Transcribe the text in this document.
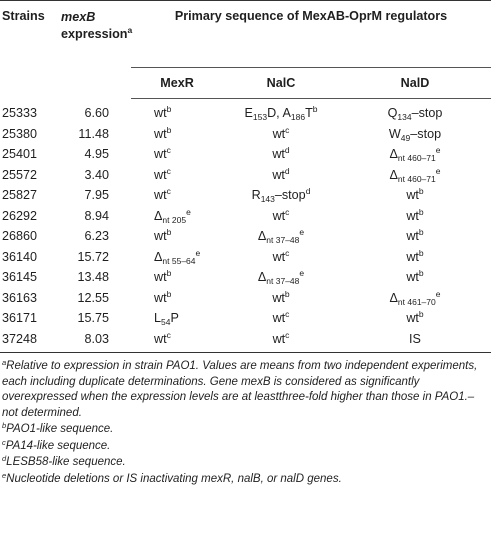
Strains	mexB
expression$^a$	Primary sequence of MexAB-OprM regulators		
		MexR	NalC	NalD
25333	6.60	$wt^b$	$E_{153}D$, $A_{186}T^b$	$Q_{134}$–stop
25380	11.48	$wt^b$	$wt^c$	$W_{49}$–stop
25401	4.95	$wt^c$	$wt^d$	$\Delta_{nt 460-71}^e$
25572	3.40	$wt^c$	$wt^d$	$\Delta_{nt 460-71}^e$
25827	7.95	$wt^c$	$R_{143}-stop^d$	$wt^b$
26292	8.94	$\Delta_{nt 205}^e$	$wt^c$	$wt^b$
26860	6.23	$wt^b$	$\Delta_{nt 37-48}^e$	$wt^b$
36140	15.72	$\Delta_{nt 55-64}^e$	$wt^c$	$wt^b$
36145	13.48	$wt^b$	$\Delta_{nt 37-48}^e$	$wt^b$
36163	12.55	$wt^b$	$wt^b$	$\Delta_{nt 461-70}^e$
36171	15.75	$L_{54}P$	$wt^c$	$wt^b$
37248	8.03	$wt^c$	$wt^c$	IS

$^a$Relative to expression in strain PAO1. Values are means from two independent experiments, each including duplicate determinations. Gene mexB is considered as significantly overexpressed when the expression levels are at leastthree-fold higher than those in PAO1.– not determined.

$^b$PAO1-like sequence.

$^c$PA14-like sequence.

$^d$LESB58-like sequence.

$^e$Nucleotide deletions or IS inactivating mexR, nalB, or nalD genes.
